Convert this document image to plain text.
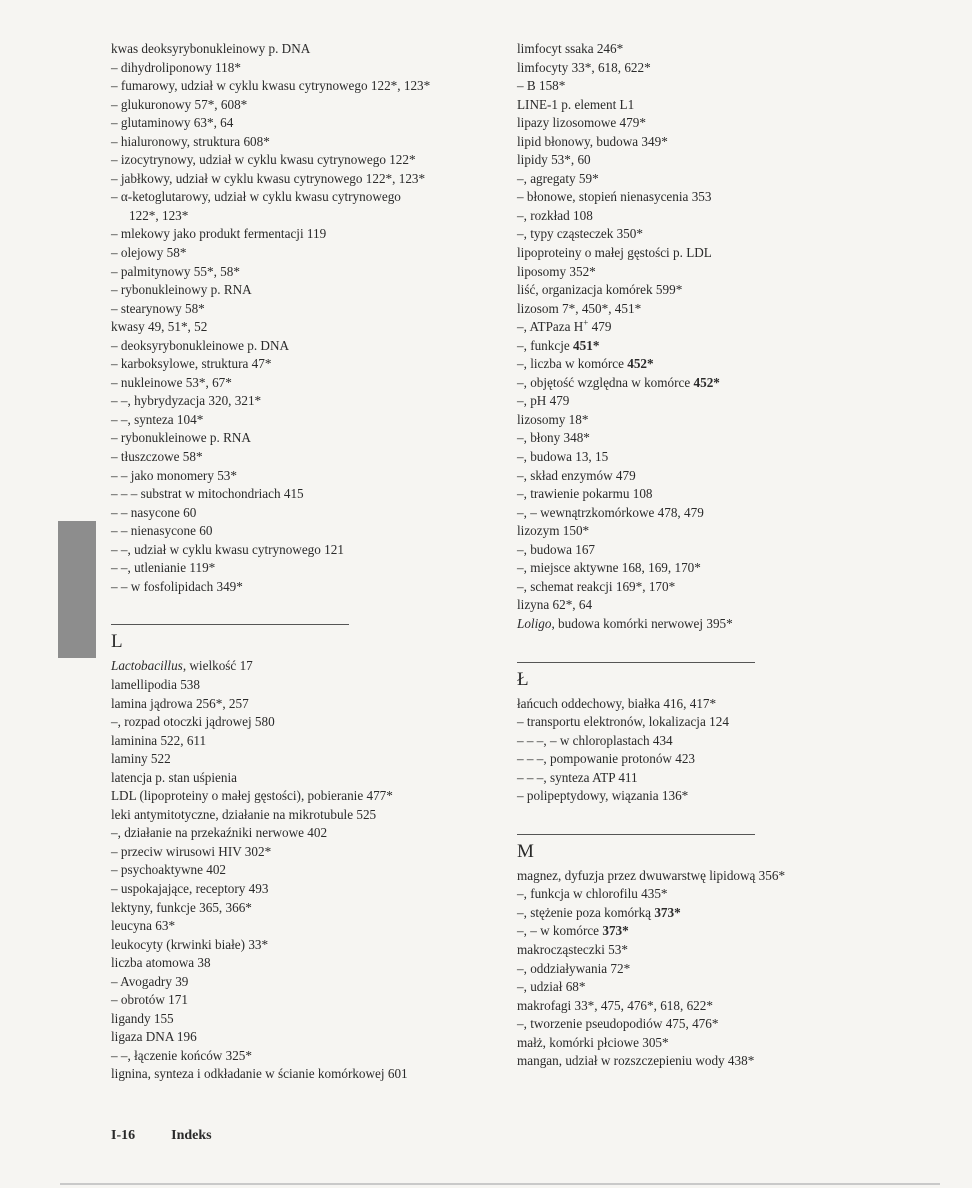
kwas deoksyrybonukleinowy p. DNA
– dihydroliponowy 118*
– fumarowy, udział w cyklu kwasu cytrynowego 122*, 123*
– glukuronowy 57*, 608*
– glutaminowy 63*, 64
– hialuronowy, struktura 608*
– izocytrynowy, udział w cyklu kwasu cytrynowego 122*
– jabłkowy, udział w cyklu kwasu cytrynowego 122*, 123*
– α-ketoglutarowy, udział w cyklu kwasu cytrynowego
122*, 123*
– mlekowy jako produkt fermentacji 119
– olejowy 58*
– palmitynowy 55*, 58*
– rybonukleinowy p. RNA
– stearynowy 58*
kwasy 49, 51*, 52
– deoksyrybonukleinowe p. DNA
– karboksylowe, struktura 47*
– nukleinowe 53*, 67*
– –, hybrydyzacja 320, 321*
– –, synteza 104*
– rybonukleinowe p. RNA
– tłuszczowe 58*
– – jako monomery 53*
– – – substrat w mitochondriach 415
– – nasycone 60
– – nienasycone 60
– –, udział w cyklu kwasu cytrynowego 121
– –, utlenianie 119*
– – w fosfolipidach 349*
L
Lactobacillus, wielkość 17
lamellipodia 538
lamina jądrowa 256*, 257
–, rozpad otoczki jądrowej 580
laminina 522, 611
laminy 522
latencja p. stan uśpienia
LDL (lipoproteiny o małej gęstości), pobieranie 477*
leki antymitotyczne, działanie na mikrotubule 525
–, działanie na przekaźniki nerwowe 402
– przeciw wirusowi HIV 302*
– psychoaktywne 402
– uspokajające, receptory 493
lektyny, funkcje 365, 366*
leucyna 63*
leukocyty (krwinki białe) 33*
liczba atomowa 38
– Avogadry 39
– obrotów 171
ligandy 155
ligaza DNA 196
– –, łączenie końców 325*
lignina, synteza i odkładanie w ścianie komórkowej 601
limfocyt ssaka 246*
limfocyty 33*, 618, 622*
– B 158*
LINE-1 p. element L1
lipazy lizosomowe 479*
lipid błonowy, budowa 349*
lipidy 53*, 60
–, agregaty 59*
– błonowe, stopień nienasycenia 353
–, rozkład 108
–, typy cząsteczek 350*
lipoproteiny o małej gęstości p. LDL
liposomy 352*
liść, organizacja komórek 599*
lizosom 7*, 450*, 451*
–, ATPaza H+ 479
–, funkcje 451*
–, liczba w komórce 452*
–, objętość względna w komórce 452*
–, pH 479
lizosomy 18*
–, błony 348*
–, budowa 13, 15
–, skład enzymów 479
–, trawienie pokarmu 108
–, – wewnątrzkomórkowe 478, 479
lizozym 150*
–, budowa 167
–, miejsce aktywne 168, 169, 170*
–, schemat reakcji 169*, 170*
lizyna 62*, 64
Loligo, budowa komórki nerwowej 395*
Ł
łańcuch oddechowy, białka 416, 417*
– transportu elektronów, lokalizacja 124
– – –, – w chloroplastach 434
– – –, pompowanie protonów 423
– – –, synteza ATP 411
– polipeptydowy, wiązania 136*
M
magnez, dyfuzja przez dwuwarstwę lipidową 356*
–, funkcja w chlorofilu 435*
–, stężenie poza komórką 373*
–, – w komórce 373*
makrocząsteczki 53*
–, oddziaływania 72*
–, udział 68*
makrofagi 33*, 475, 476*, 618, 622*
–, tworzenie pseudopodiów 475, 476*
małż, komórki płciowe 305*
mangan, udział w rozszczepieniu wody 438*
I-16	Indeks
